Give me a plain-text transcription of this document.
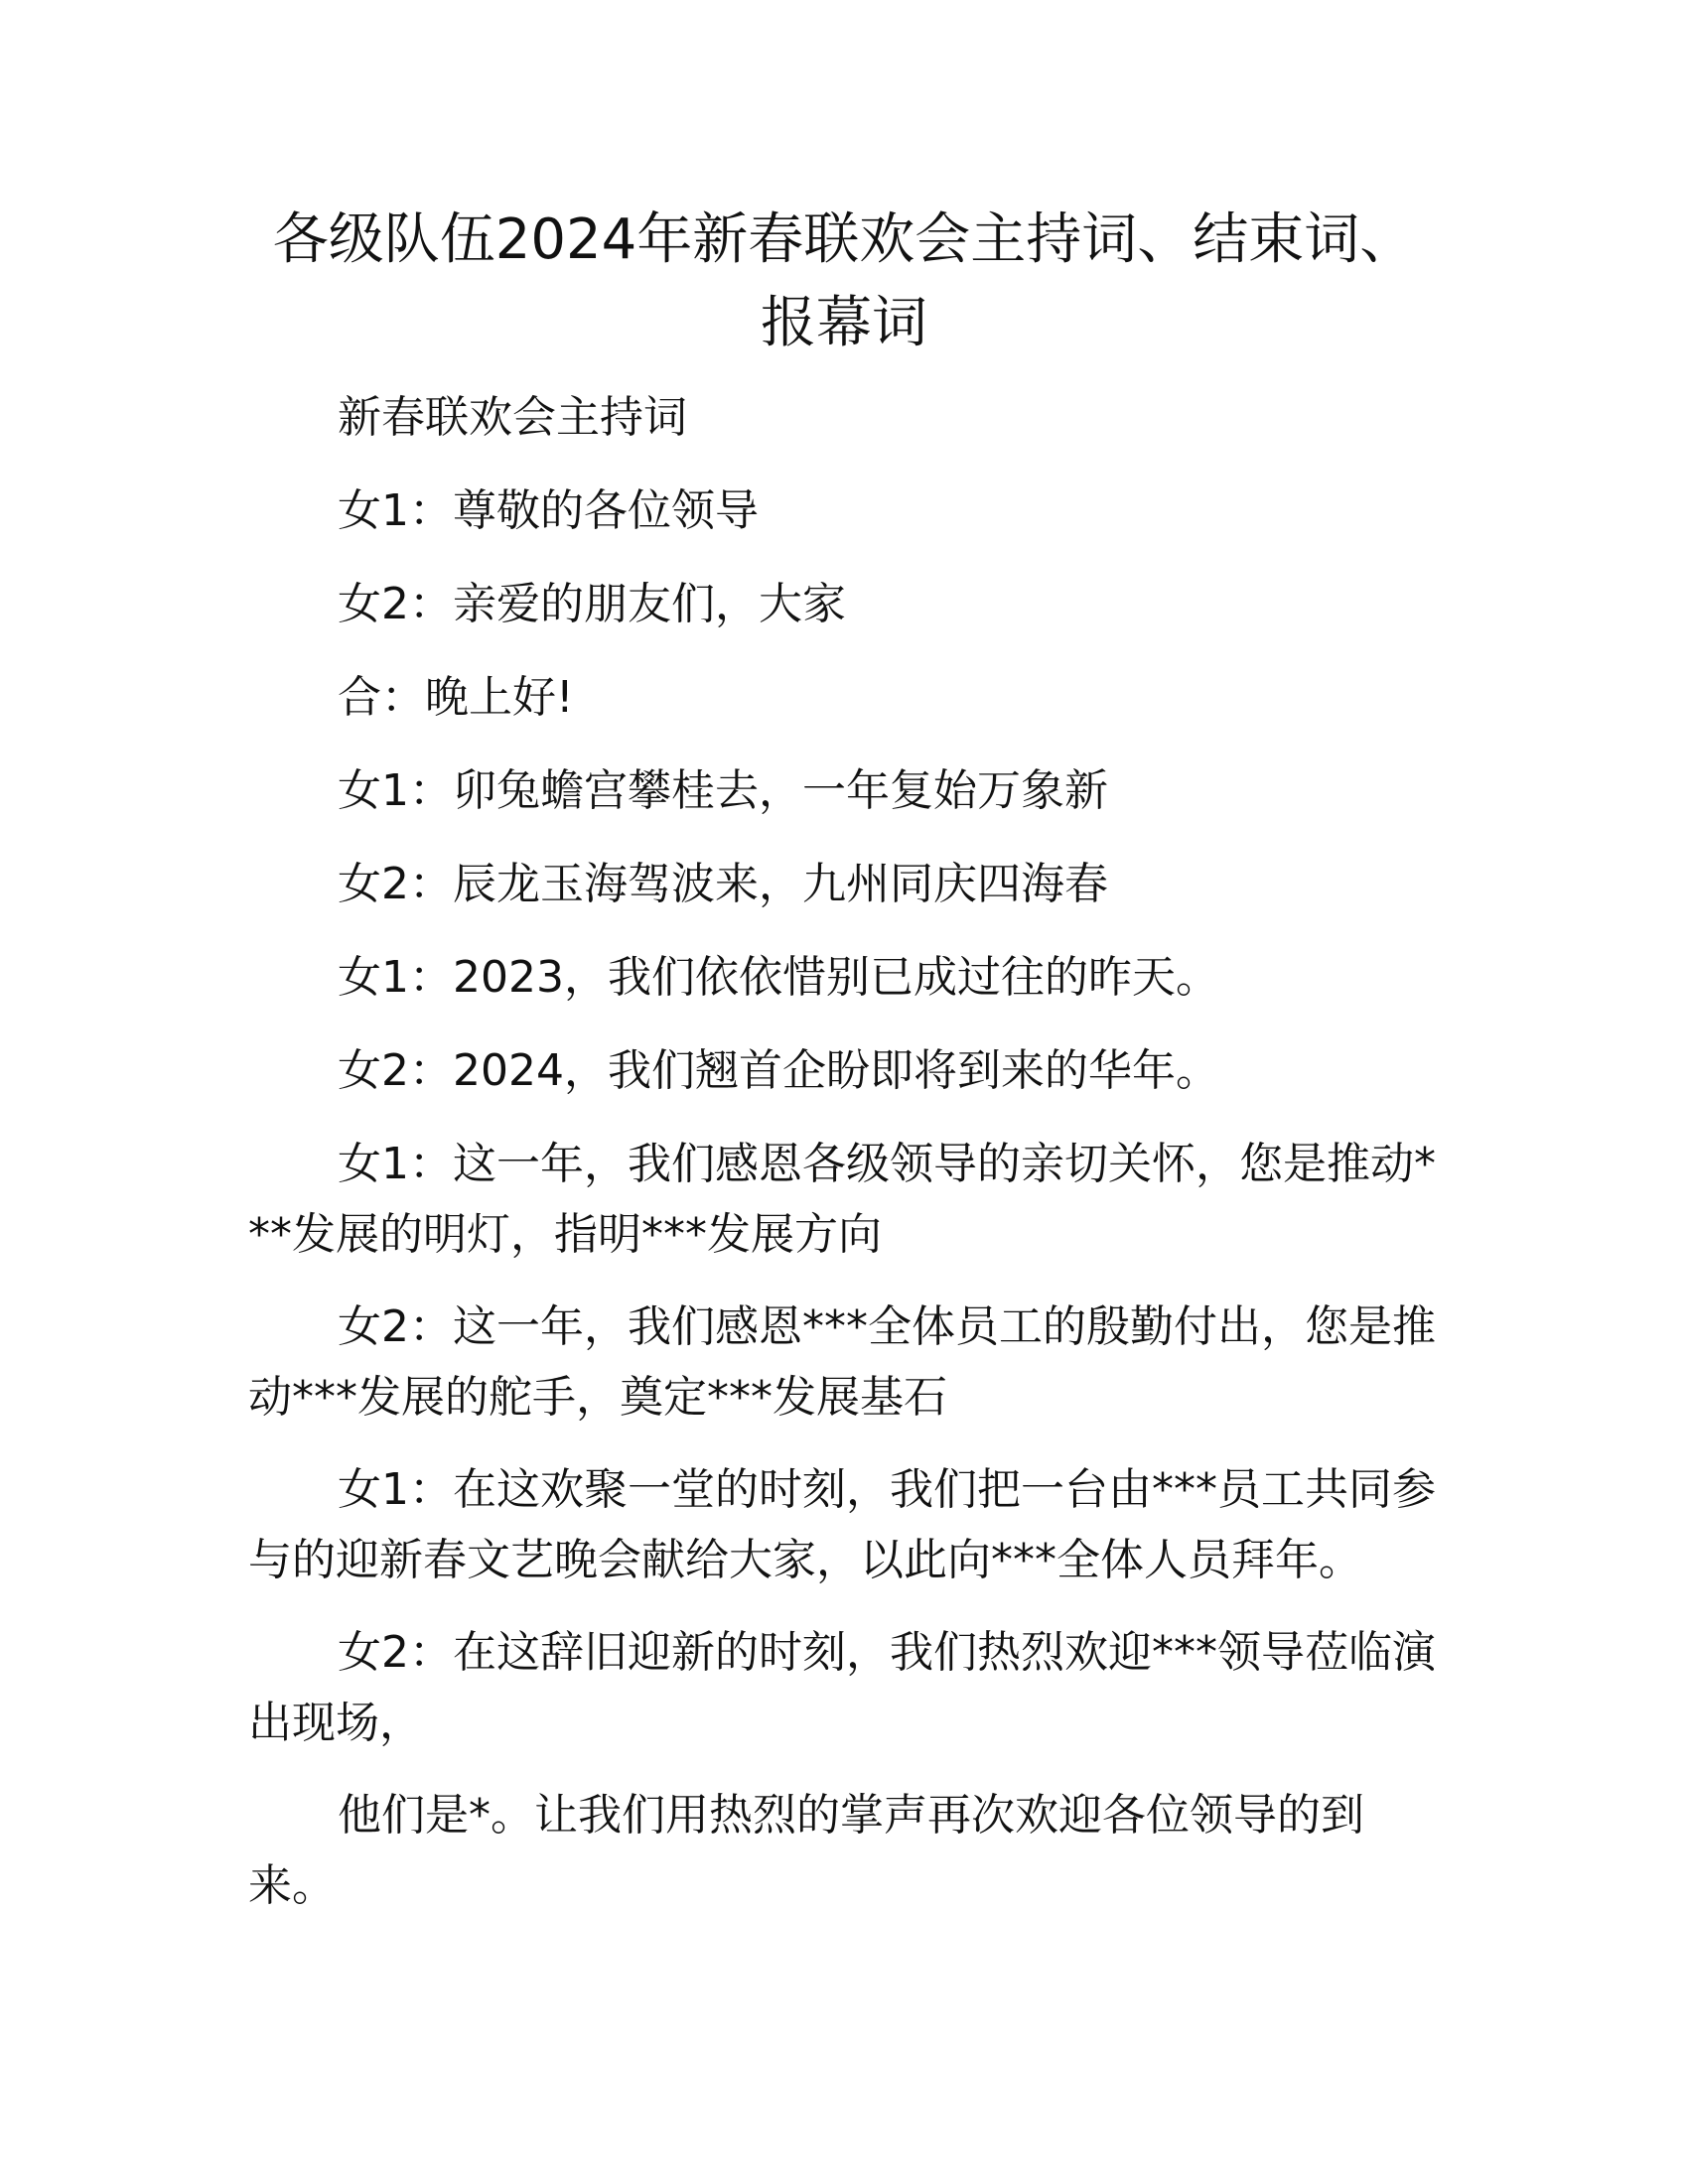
各级队伍2024年新春联欢会主持词、结束词、报幕词

新春联欢会主持词

女1：尊敬的各位领导

女2：亲爱的朋友们，大家

合：晚上好!

女1：卯兔蟾宫攀桂去，一年复始万象新

女2：辰龙玉海驾波来，九州同庆四海春

女1：2023，我们依依惜别已成过往的昨天。

女2：2024，我们翘首企盼即将到来的华年。

女1：这一年，我们感恩各级领导的亲切关怀，您是推动***发展的明灯，指明***发展方向

女2：这一年，我们感恩***全体员工的殷勤付出，您是推动***发展的舵手，奠定***发展基石

女1：在这欢聚一堂的时刻，我们把一台由***员工共同参与的迎新春文艺晚会献给大家，以此向***全体人员拜年。

女2：在这辞旧迎新的时刻，我们热烈欢迎***领导莅临演出现场，

他们是*。让我们用热烈的掌声再次欢迎各位领导的到来。
